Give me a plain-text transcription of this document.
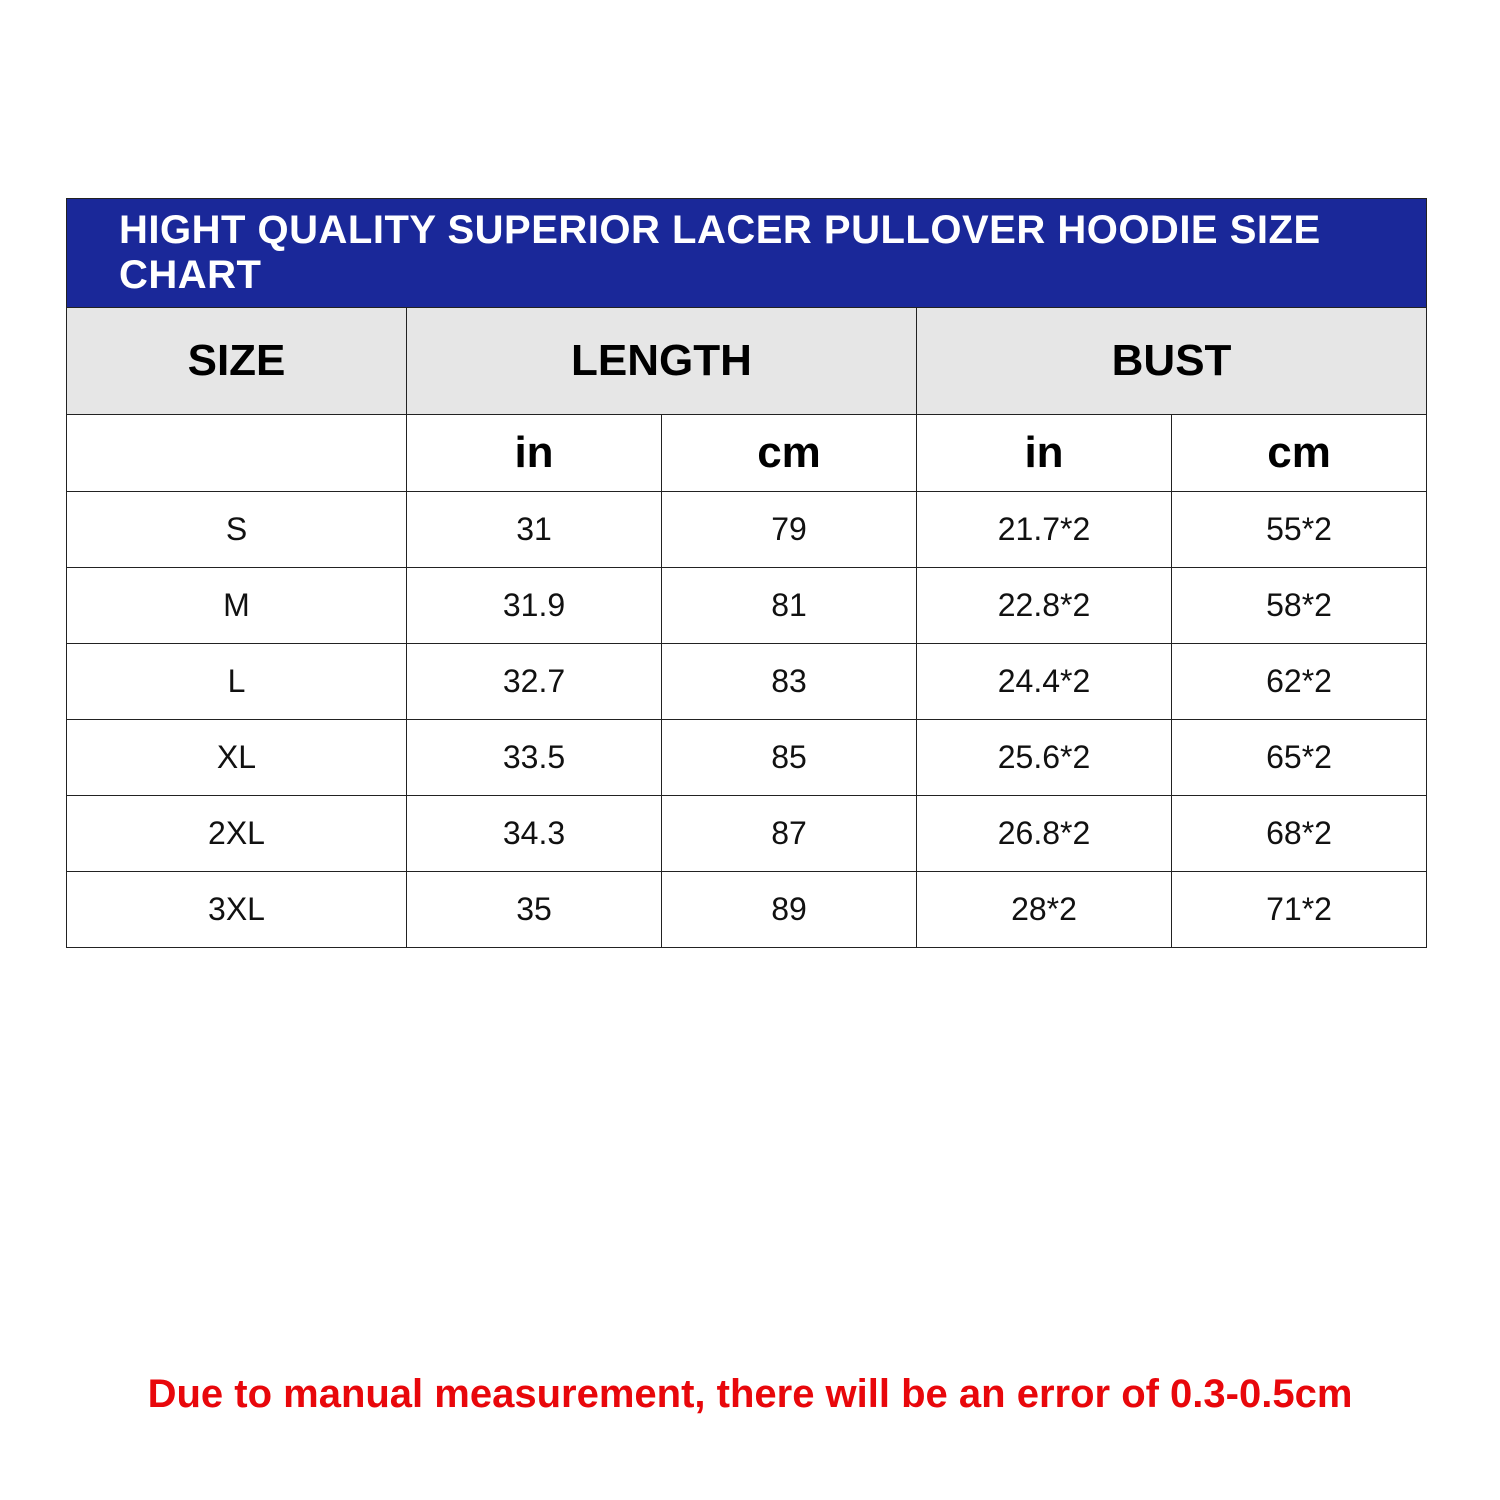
HIGHT QUALITY SUPERIOR LACER PULLOVER HOODIE SIZE CHART				
SIZE	LENGTH		BUST	
	in	cm	in	cm
S	31	79	21.7*2	55*2
M	31.9	81	22.8*2	58*2
L	32.7	83	24.4*2	62*2
XL	33.5	85	25.6*2	65*2
2XL	34.3	87	26.8*2	68*2
3XL	35	89	28*2	71*2
Due to manual measurement, there will be an error of 0.3-0.5cm
